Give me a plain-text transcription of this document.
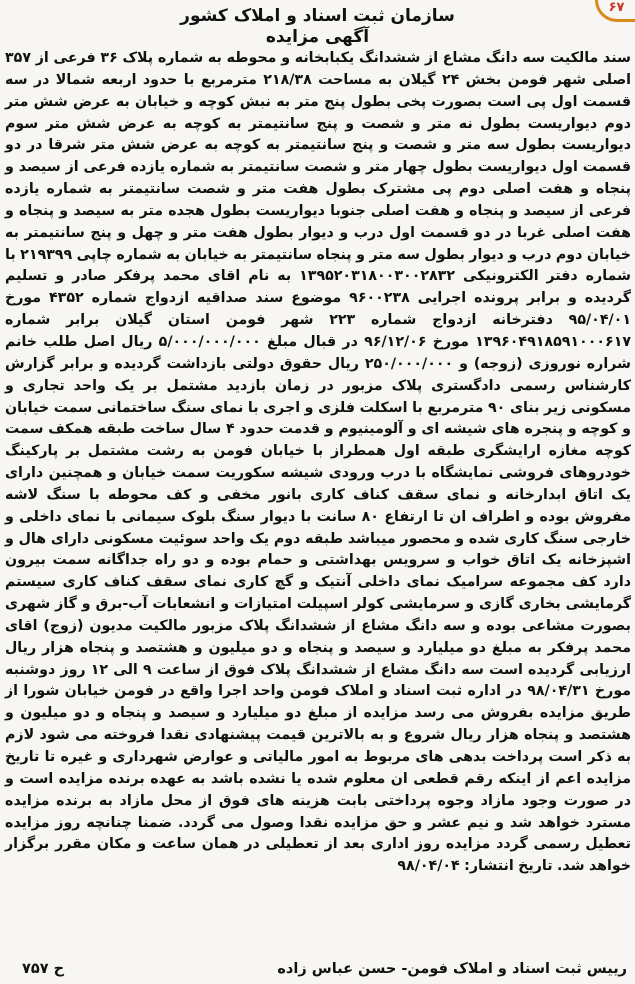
۶۷
سازمان ثبت اسناد و املاک کشور
آگهی مزایده
سند مالکیت سه دانگ مشاع از ششدانگ یکبابخانه و محوطه به شماره پلاک ۳۶ فرعی از ۳۵۷ اصلی شهر فومن بخش ۲۴ گیلان به مساحت ۲۱۸/۳۸ مترمربع با حدود اربعه شمالا در سه قسمت اول پی است بصورت پخی بطول پنج متر به نبش کوچه و خیابان به عرض شش متر دوم دیواریست بطول نه متر و شصت و پنج سانتیمتر به کوچه به عرض شش متر سوم دیواریست بطول سه متر و شصت و پنج سانتیمتر به کوچه به عرض شش متر شرقا در دو قسمت اول دیواریست بطول چهار متر و شصت سانتیمتر به شماره یازده فرعی از سیصد و پنجاه و هفت اصلی دوم پی مشترک بطول هفت متر و شصت سانتیمتر به شماره یازده فرعی از سیصد و پنجاه و هفت اصلی جنوبا دیواریست بطول هجده متر به سیصد و پنجاه و هفت اصلی غربا در دو قسمت اول درب و دیوار بطول هفت متر و چهل و پنج سانتیمتر به خیابان دوم درب و دیوار بطول سه متر و پنجاه سانتیمتر به خیابان به شماره چاپی ۲۱۹۳۹۹ با شماره دفتر الکترونیکی ۱۳۹۵۲۰۳۱۸۰۰۳۰۰۲۸۳۲ به نام اقای محمد پرفکر صادر و تسلیم گردیده و برابر پرونده اجرایی ۹۶۰۰۲۳۸ موضوع سند صداقیه ازدواج شماره ۴۳۵۲ مورخ ۹۵/۰۴/۰۱ دفترخانه ازدواج شماره ۲۲۳ شهر فومن استان گیلان برابر شماره ۱۳۹۶۰۴۹۱۸۵۹۱۰۰۰۶۱۷ مورخ ۹۶/۱۲/۰۶ در قبال مبلغ ۵/۰۰۰/۰۰۰/۰۰۰ ریال اصل طلب خانم شراره نوروزی (زوجه) و ۲۵۰/۰۰۰/۰۰۰ ریال حقوق دولتی بازداشت گردیده و برابر گزارش کارشناس رسمی دادگستری پلاک مزبور در زمان بازدید مشتمل بر یک واحد تجاری و مسکونی زیر بنای ۹۰ مترمربع با اسکلت فلزی و اجری با نمای سنگ ساختمانی سمت خیابان و کوچه و پنجره های شیشه ای و آلومینیوم و قدمت حدود ۴ سال ساخت طبقه همکف سمت کوچه مغازه ارایشگری طبقه اول همطراز با خیابان فومن به رشت مشتمل بر پارکینگ خودروهای فروشی نمایشگاه با درب ورودی شیشه سکوریت سمت خیابان و همچنین دارای یک اتاق ابدارخانه و نمای سقف کناف کاری بانور مخفی و کف محوطه با سنگ لاشه مفروش بوده و اطراف ان تا ارتفاع ۸۰ سانت با دیوار سنگ بلوک سیمانی با نمای داخلی و خارجی سنگ کاری شده و محصور میباشد طبقه دوم یک واحد سوئیت مسکونی دارای هال و اشپزخانه یک اتاق خواب و سرویس بهداشتی و حمام بوده و دو راه جداگانه سمت بیرون دارد کف مجموعه سرامیک نمای داخلی آنتیک و گچ کاری نمای سقف کناف کاری سیستم گرمایشی بخاری گازی و سرمایشی کولر اسپیلت امتیازات و انشعابات آب-برق و گاز شهری بصورت مشاعی بوده و سه دانگ مشاع از ششدانگ پلاک مزبور مالکیت مدیون (زوج) اقای محمد پرفکر به مبلغ دو میلیارد و سیصد و پنجاه و دو میلیون و هشتصد و پنجاه هزار ریال ارزیابی گردیده است سه دانگ مشاع از ششدانگ پلاک فوق از ساعت ۹ الی ۱۲ روز دوشنبه مورخ ۹۸/۰۴/۳۱ در اداره ثبت اسناد و املاک فومن واحد اجرا واقع در فومن خیابان شورا از طریق مزایده بفروش می رسد مزایده از مبلغ دو میلیارد و سیصد و پنجاه و دو میلیون و هشتصد و پنجاه هزار ریال شروع و به بالاترین قیمت پیشنهادی نقدا فروخته می شود لازم به ذکر است پرداخت بدهی های مربوط به امور مالیاتی و عوارض شهرداری و غیره تا تاریخ مزایده اعم از اینکه رقم قطعی ان معلوم شده یا نشده باشد به عهده برنده مزایده است و در صورت وجود مازاد وجوه پرداختی بابت هزینه های فوق از محل مازاد به برنده مزایده مسترد خواهد شد و نیم عشر و حق مزایده نقدا وصول می گردد. ضمنا چنانچه روز مزایده تعطیل رسمی گردد مزایده روز اداری بعد از تعطیلی در همان ساعت و مکان مقرر برگزار خواهد شد. تاریخ انتشار: ۹۸/۰۴/۰۴
رییس ثبت اسناد و املاک فومن- حسن عباس زاده
ح ۷۵۷
